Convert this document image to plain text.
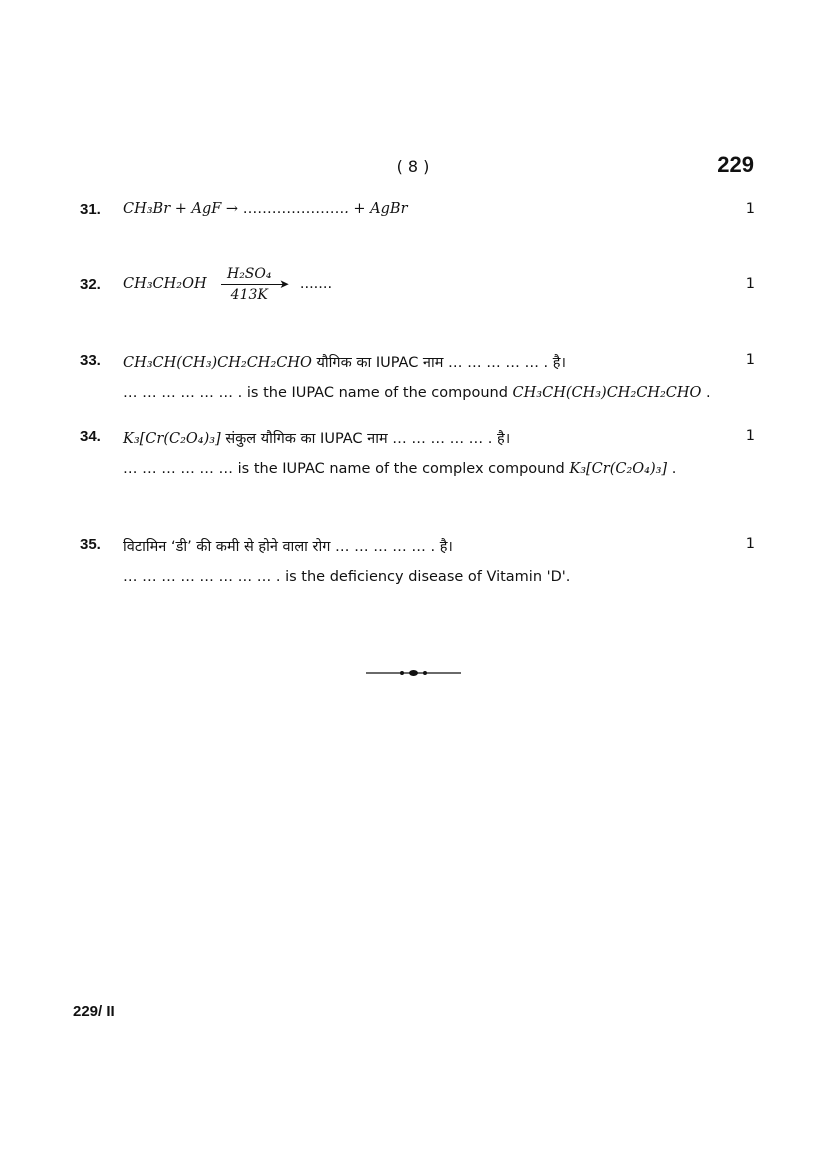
( 8 )	229
31. CH₃Br + AgF → …………………. + AgBr	1
32. CH₃CH₂OH
H₂SO₄
➤
413K
.......	1
33. CH₃CH(CH₃)CH₂CH₂CHO यौगिक का IUPAC नाम … … … … … . है।
… … … … … … . is the IUPAC name of the compound CH₃CH(CH₃)CH₂CH₂CHO .
1
34. K₃[Cr(C₂O₄)₃] संकुल यौगिक का IUPAC नाम … … … … … . है।
… … … … … … is the IUPAC name of the complex compound K₃[Cr(C₂O₄)₃] .
1
35. विटामिन ‘डी’ की कमी से होने वाला रोग … … … … … . है।
… … … … … … … … . is the deficiency disease of Vitamin 'D'.
1
229/ II
